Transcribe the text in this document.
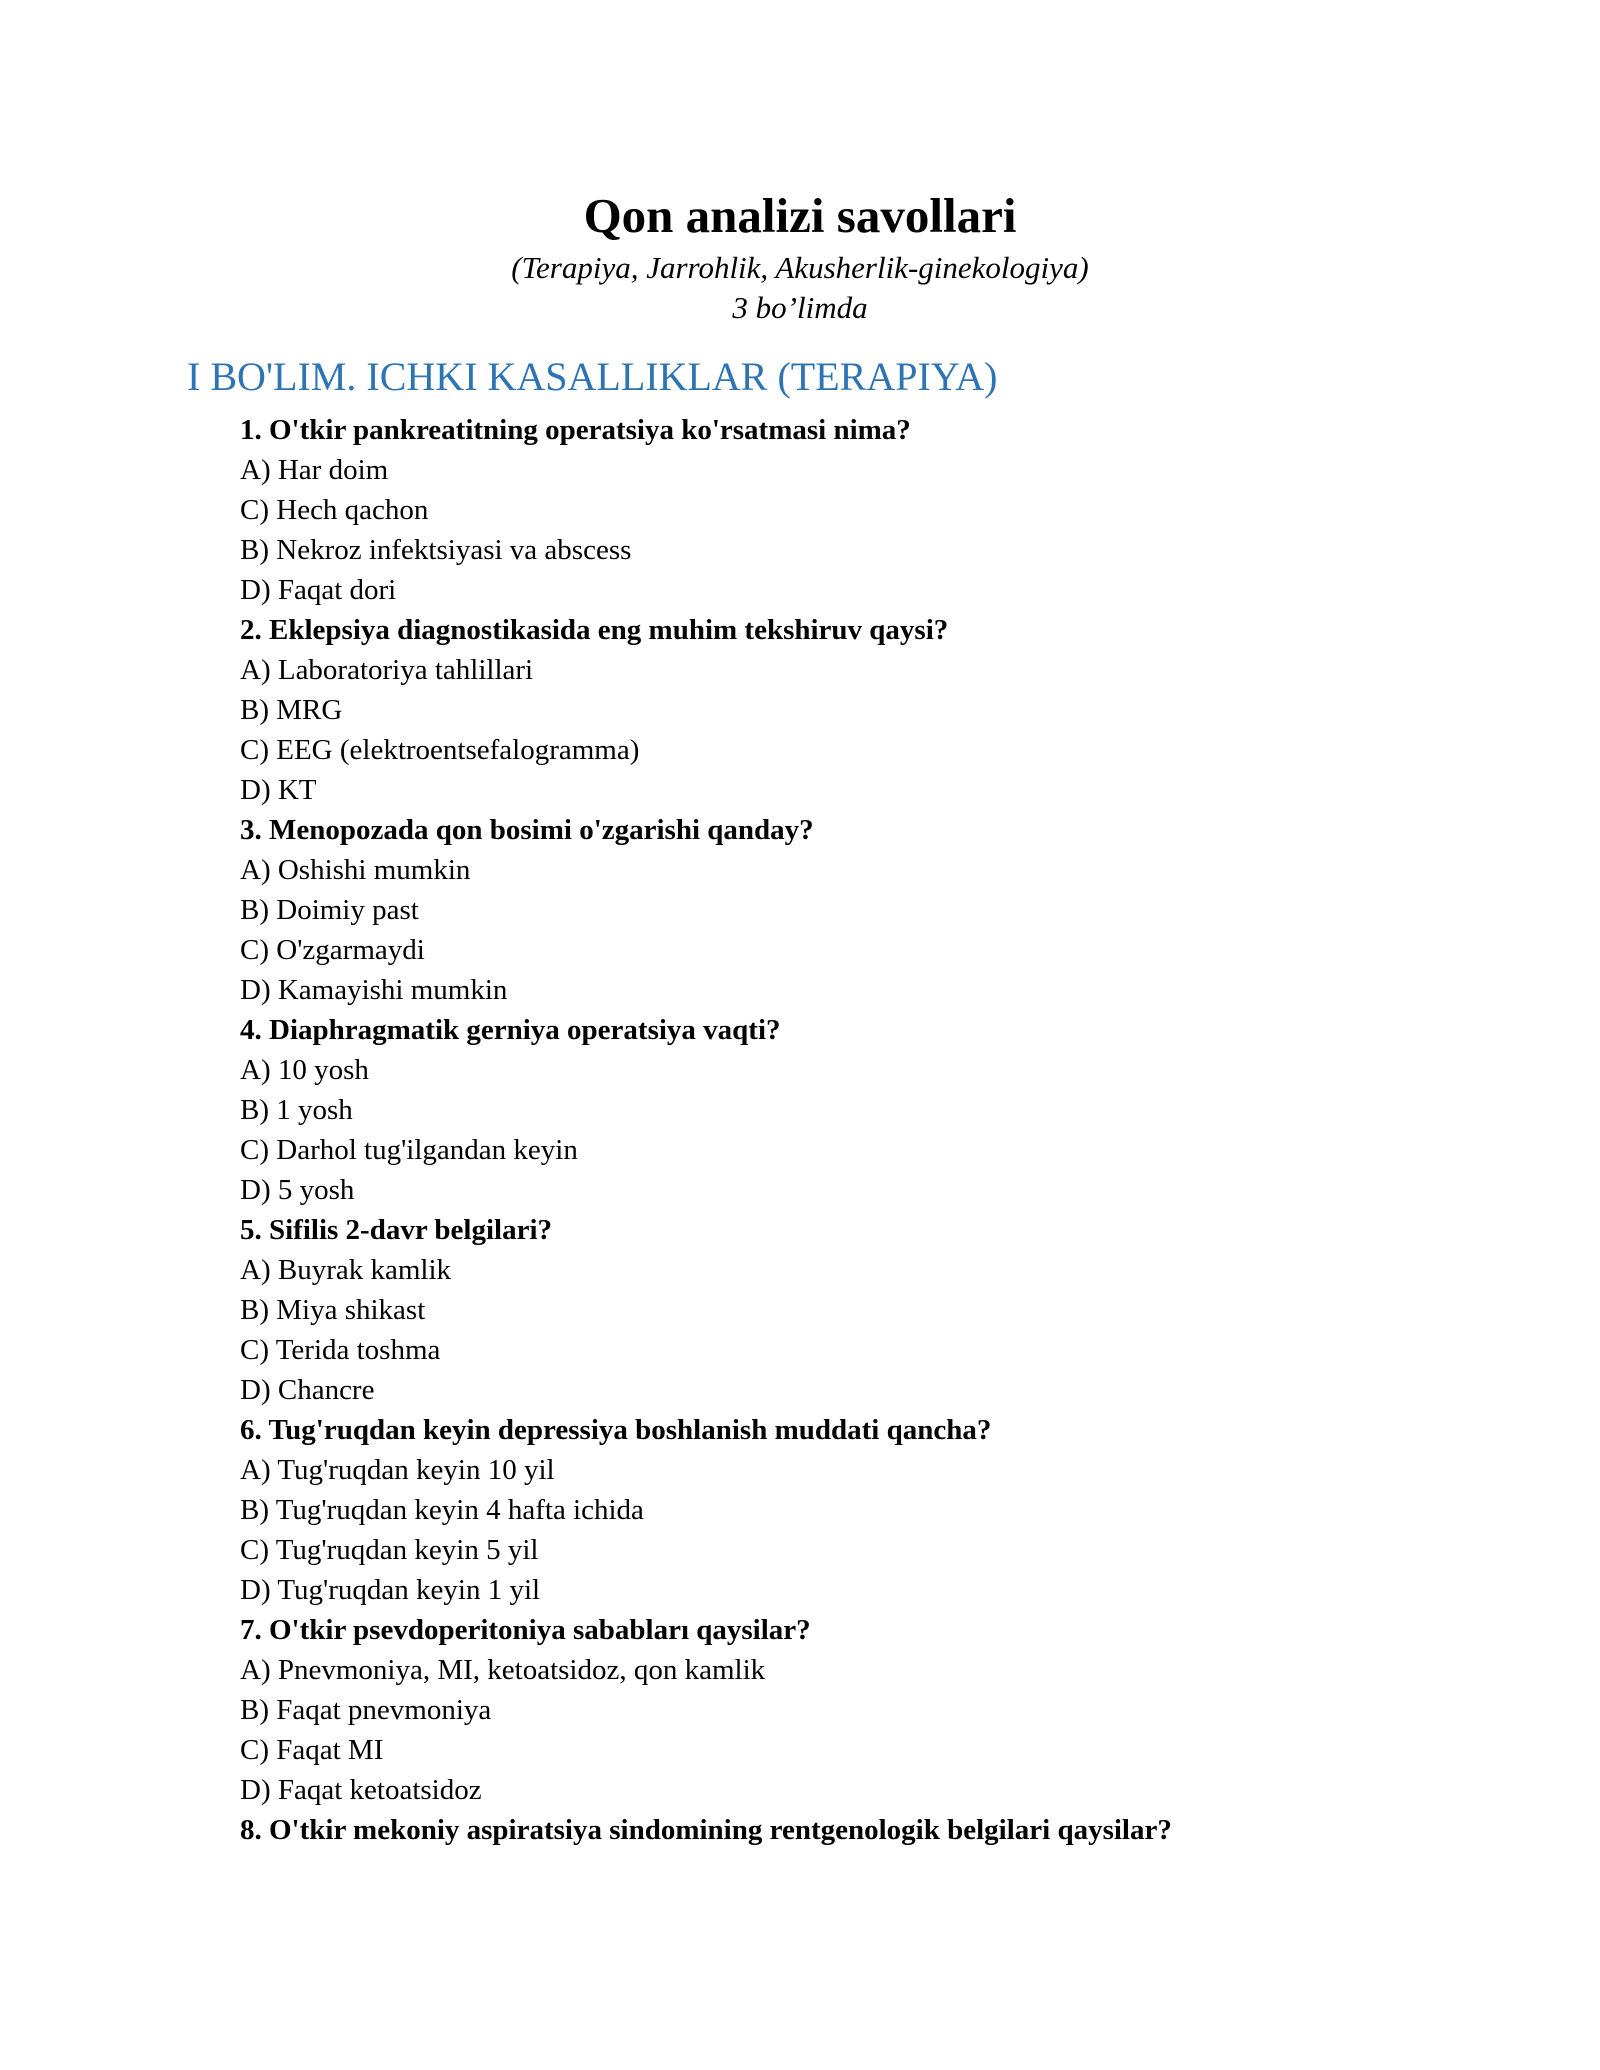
Qon analizi savollari
(Terapiya, Jarrohlik, Akusherlik-ginekologiya)
3 bo’limda
I BO'LIM. ICHKI KASALLIKLAR (TERAPIYA)
1. O'tkir pankreatitning operatsiya ko'rsatmasi nima?
A) Har doim
C) Hech qachon
B) Nekroz infektsiyasi va abscess
D) Faqat dori
2. Eklepsiya diagnostikasida eng muhim tekshiruv qaysi?
A) Laboratoriya tahlillari
B) MRG
C) EEG (elektroentsefalogramma)
D) KT
3. Menopozada qon bosimi o'zgarishi qanday?
A) Oshishi mumkin
B) Doimiy past
C) O'zgarmaydi
D) Kamayishi mumkin
4. Diaphragmatik gerniya operatsiya vaqti?
A) 10 yosh
B) 1 yosh
C) Darhol tug'ilgandan keyin
D) 5 yosh
5. Sifilis 2-davr belgilari?
A) Buyrak kamlik
B) Miya shikast
C) Terida toshma
D) Chancre
6. Tug'ruqdan keyin depressiya boshlanish muddati qancha?
A) Tug'ruqdan keyin 10 yil
B) Tug'ruqdan keyin 4 hafta ichida
C) Tug'ruqdan keyin 5 yil
D) Tug'ruqdan keyin 1 yil
7. O'tkir psevdoperitoniya sababları qaysilar?
A) Pnevmoniya, MI, ketoatsidoz, qon kamlik
B) Faqat pnevmoniya
C) Faqat MI
D) Faqat ketoatsidoz
8. O'tkir mekoniy aspiratsiya sindomining rentgenologik belgilari qaysilar?
